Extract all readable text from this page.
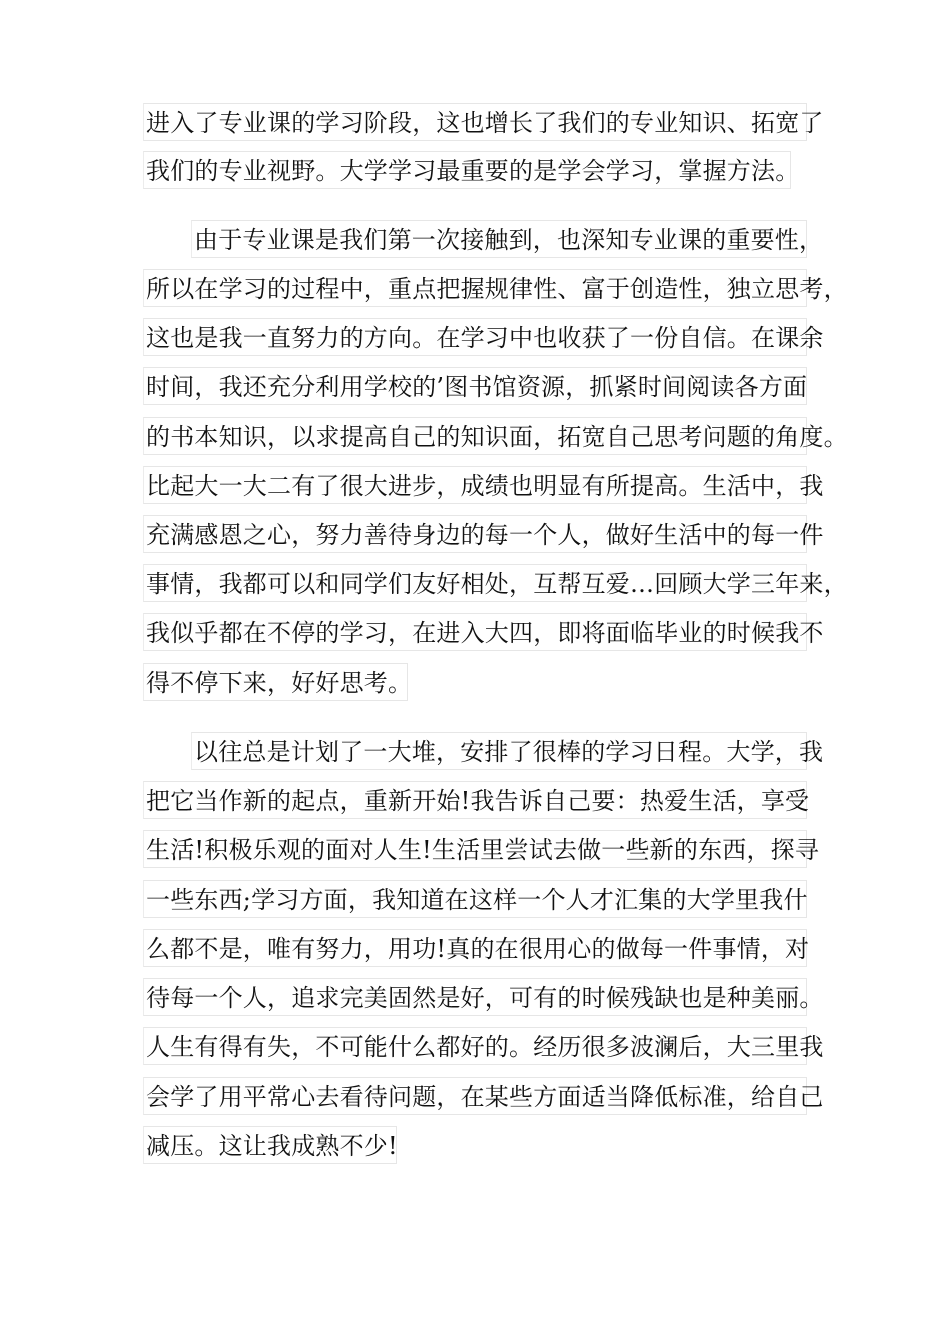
进入了专业课的学习阶段，这也增长了我们的专业知识、拓宽了
我们的专业视野。大学学习最重要的是学会学习，掌握方法。
由于专业课是我们第一次接触到，也深知专业课的重要性，
所以在学习的过程中，重点把握规律性、富于创造性，独立思考，
这也是我一直努力的方向。在学习中也收获了一份自信。在课余
时间，我还充分利用学校的’图书馆资源，抓紧时间阅读各方面
的书本知识，以求提高自己的知识面，拓宽自己思考问题的角度。
比起大一大二有了很大进步，成绩也明显有所提高。生活中，我
充满感恩之心，努力善待身边的每一个人，做好生活中的每一件
事情，我都可以和同学们友好相处，互帮互爱…回顾大学三年来，
我似乎都在不停的学习，在进入大四，即将面临毕业的时候我不
得不停下来，好好思考。
以往总是计划了一大堆，安排了很棒的学习日程。大学，我
把它当作新的起点，重新开始!我告诉自己要：热爱生活，享受
生活!积极乐观的面对人生!生活里尝试去做一些新的东西，探寻
一些东西;学习方面，我知道在这样一个人才汇集的大学里我什
么都不是，唯有努力，用功!真的在很用心的做每一件事情，对
待每一个人，追求完美固然是好，可有的时候残缺也是种美丽。
人生有得有失，不可能什么都好的。经历很多波澜后，大三里我
会学了用平常心去看待问题，在某些方面适当降低标准，给自己
减压。这让我成熟不少!
